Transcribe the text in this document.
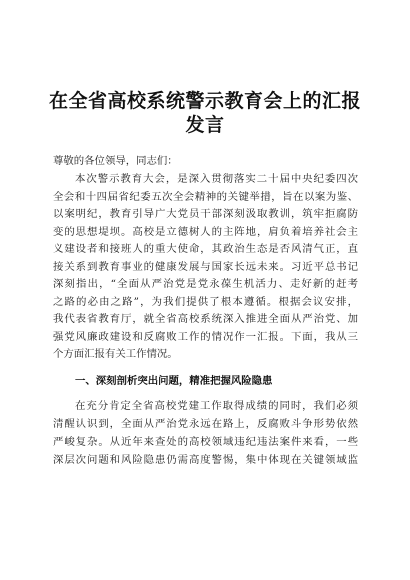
在全省高校系统警示教育会上的汇报
发言
尊敬的各位领导，同志们：
本次警示教育大会，是深入贯彻落实二十届中央纪委四次
全会和十四届省纪委五次全会精神的关键举措，旨在以案为鉴、
以案明纪，教育引导广大党员干部深刻汲取教训，筑牢拒腐防
变的思想堤坝。高校是立德树人的主阵地，肩负着培养社会主
义建设者和接班人的重大使命，其政治生态是否风清气正，直
接关系到教育事业的健康发展与国家长远未来。习近平总书记
深刻指出，“全面从严治党是党永葆生机活力、走好新的赶考
之路的必由之路”，为我们提供了根本遵循。根据会议安排，
我代表省教育厅，就全省高校系统深入推进全面从严治党、加
强党风廉政建设和反腐败工作的情况作一汇报。下面，我从三
个方面汇报有关工作情况。
一、深刻剖析突出问题，精准把握风险隐患
在充分肯定全省高校党建工作取得成绩的同时，我们必须
清醒认识到，全面从严治党永远在路上，反腐败斗争形势依然
严峻复杂。从近年来查处的高校领域违纪违法案件来看，一些
深层次问题和风险隐患仍需高度警惕，集中体现在关键领域监
